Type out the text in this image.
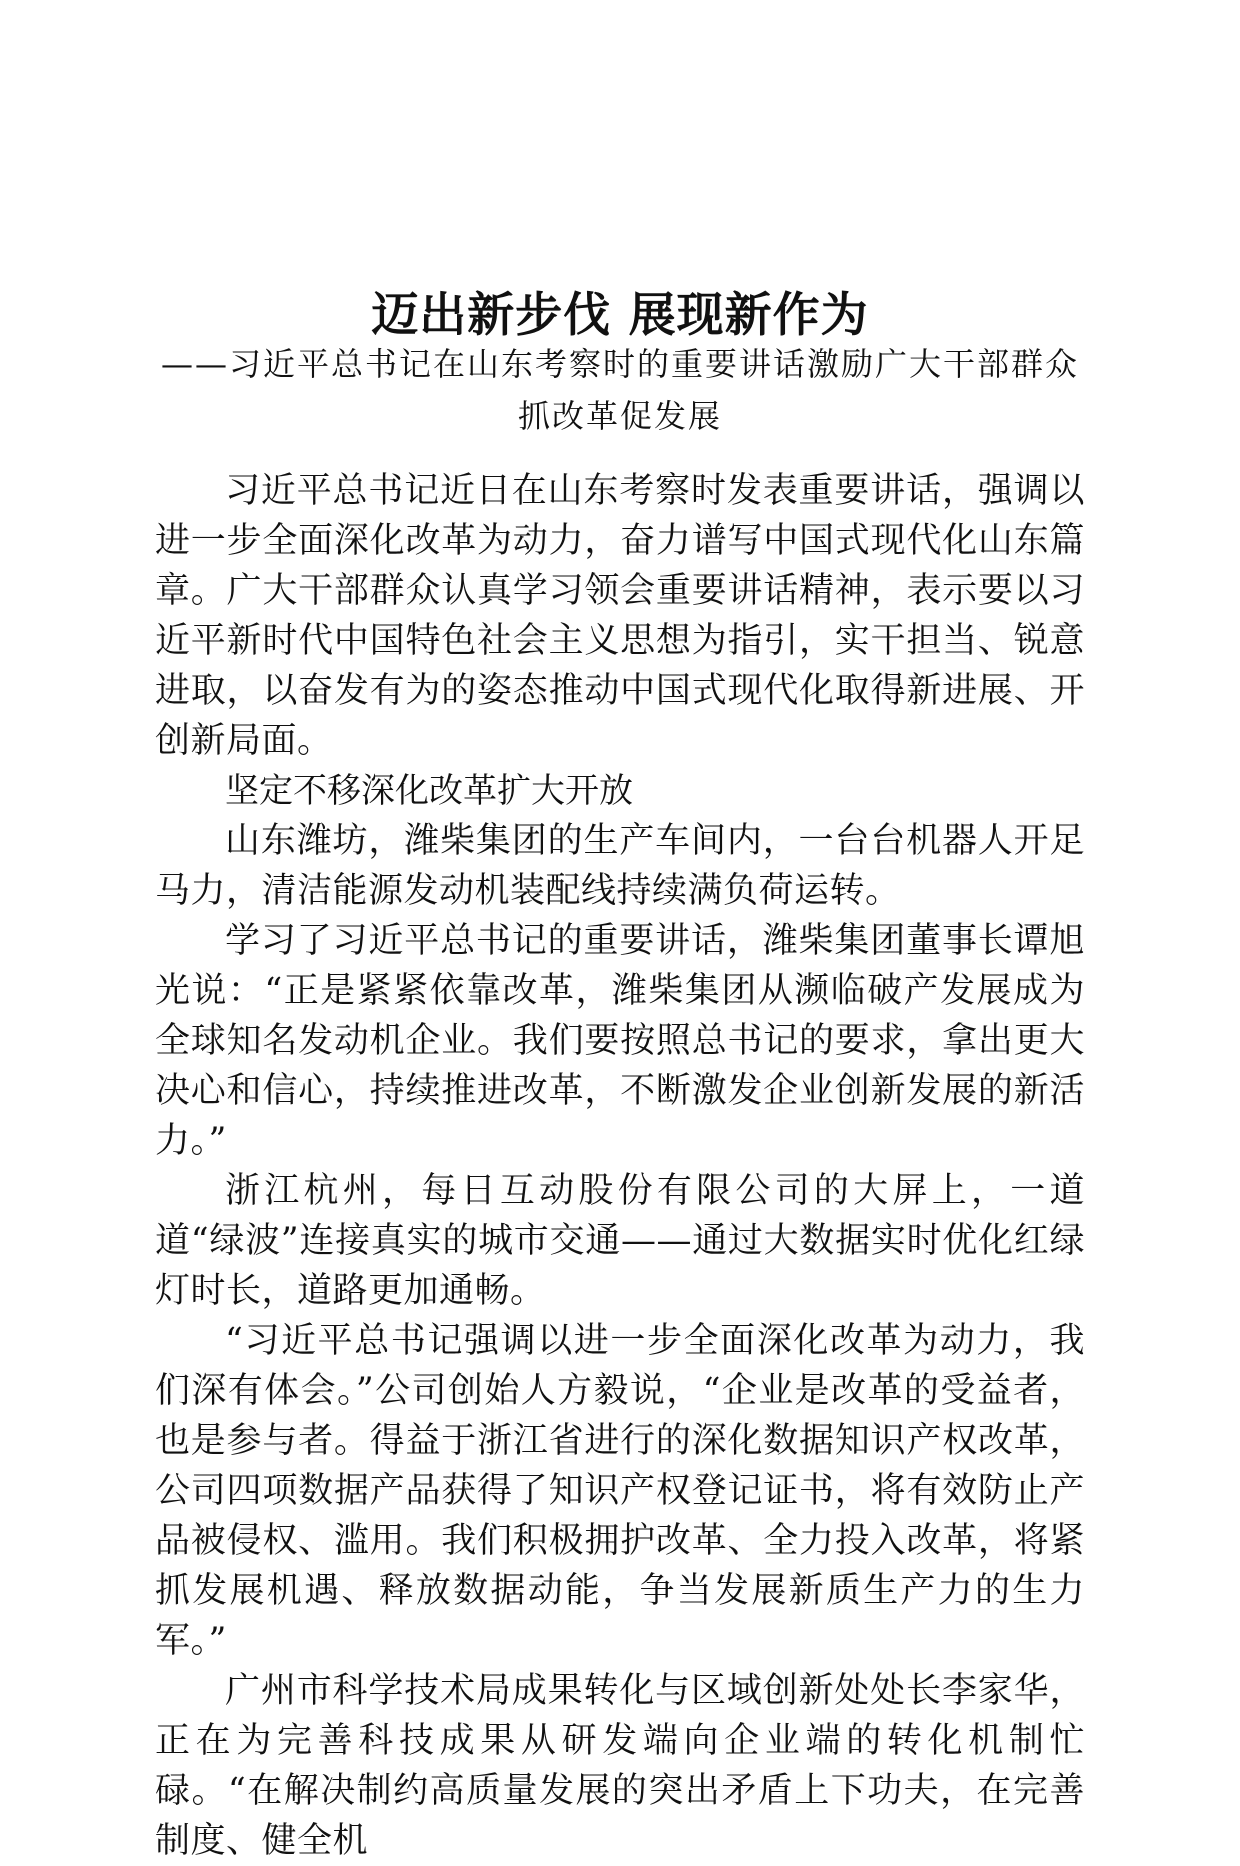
迈出新步伐 展现新作为
——习近平总书记在山东考察时的重要讲话激励广大干部群众抓改革促发展

习近平总书记近日在山东考察时发表重要讲话，强调以进一步全面深化改革为动力，奋力谱写中国式现代化山东篇章。广大干部群众认真学习领会重要讲话精神，表示要以习近平新时代中国特色社会主义思想为指引，实干担当、锐意进取，以奋发有为的姿态推动中国式现代化取得新进展、开创新局面。

坚定不移深化改革扩大开放

山东潍坊，潍柴集团的生产车间内，一台台机器人开足马力，清洁能源发动机装配线持续满负荷运转。

学习了习近平总书记的重要讲话，潍柴集团董事长谭旭光说：“正是紧紧依靠改革，潍柴集团从濒临破产发展成为全球知名发动机企业。我们要按照总书记的要求，拿出更大决心和信心，持续推进改革，不断激发企业创新发展的新活力。”

浙江杭州，每日互动股份有限公司的大屏上，一道道“绿波”连接真实的城市交通——通过大数据实时优化红绿灯时长，道路更加通畅。

“习近平总书记强调以进一步全面深化改革为动力，我们深有体会。”公司创始人方毅说，“企业是改革的受益者，也是参与者。得益于浙江省进行的深化数据知识产权改革，公司四项数据产品获得了知识产权登记证书，将有效防止产品被侵权、滥用。我们积极拥护改革、全力投入改革，将紧抓发展机遇、释放数据动能，争当发展新质生产力的生力军。”

广州市科学技术局成果转化与区域创新处处长李家华，正在为完善科技成果从研发端向企业端的转化机制忙碌。“在解决制约高质量发展的突出矛盾上下功夫，在完善制度、健全机
